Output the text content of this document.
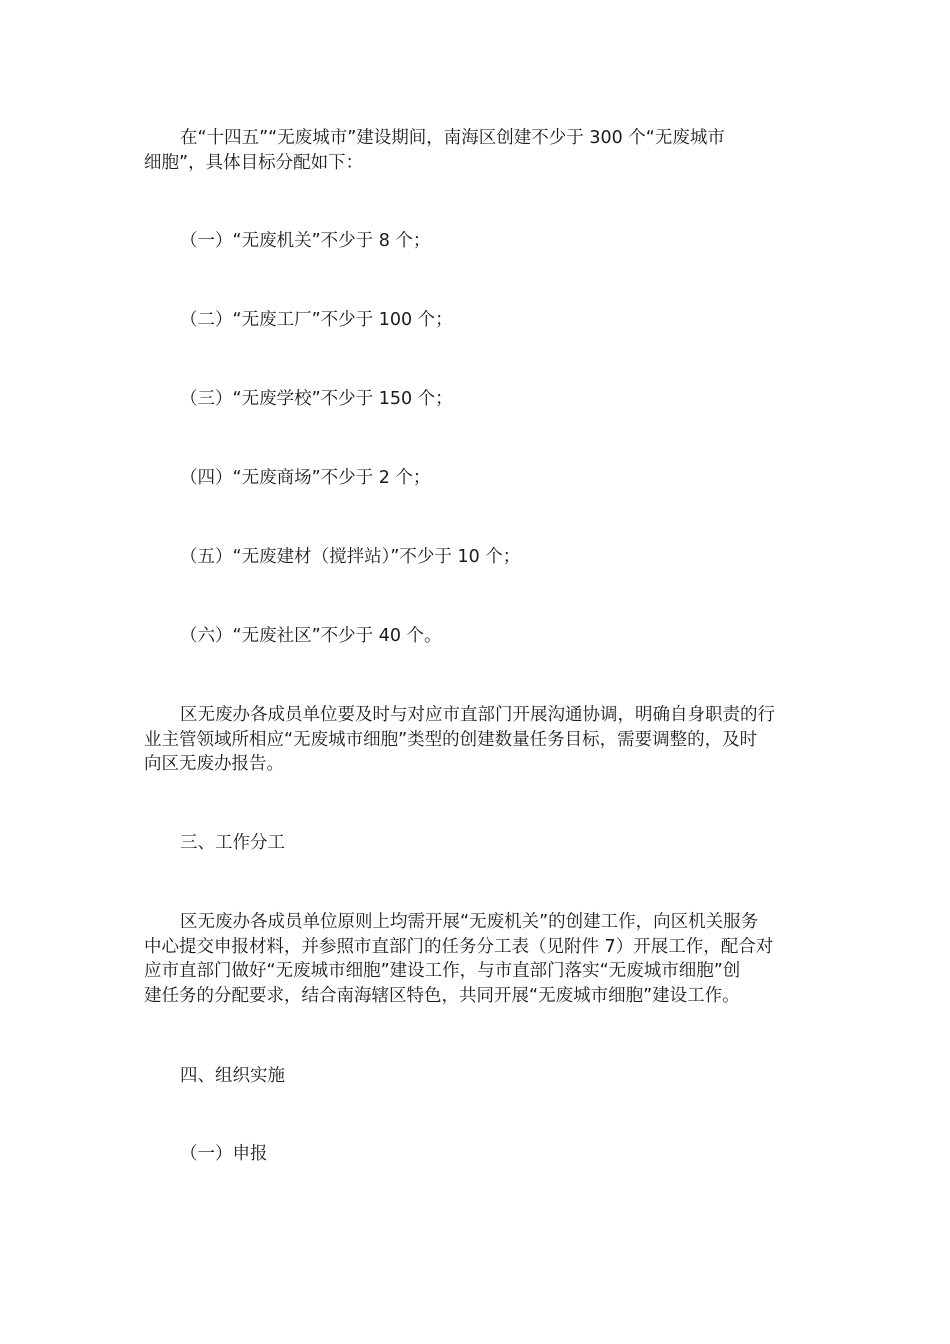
在“十四五”“无废城市”建设期间，南海区创建不少于 300 个“无废城市
细胞”，具体目标分配如下：

（一）“无废机关”不少于 8 个；

（二）“无废工厂”不少于 100 个；

（三）“无废学校”不少于 150 个；

（四）“无废商场”不少于 2 个；

（五）“无废建材（搅拌站）”不少于 10 个；

（六）“无废社区”不少于 40 个。

区无废办各成员单位要及时与对应市直部门开展沟通协调，明确自身职责的行
业主管领域所相应“无废城市细胞”类型的创建数量任务目标，需要调整的，及时
向区无废办报告。

三、工作分工

区无废办各成员单位原则上均需开展“无废机关”的创建工作，向区机关服务
中心提交申报材料，并参照市直部门的任务分工表（见附件 7）开展工作，配合对
应市直部门做好“无废城市细胞”建设工作，与市直部门落实“无废城市细胞”创
建任务的分配要求，结合南海辖区特色，共同开展“无废城市细胞”建设工作。

四、组织实施

（一）申报
